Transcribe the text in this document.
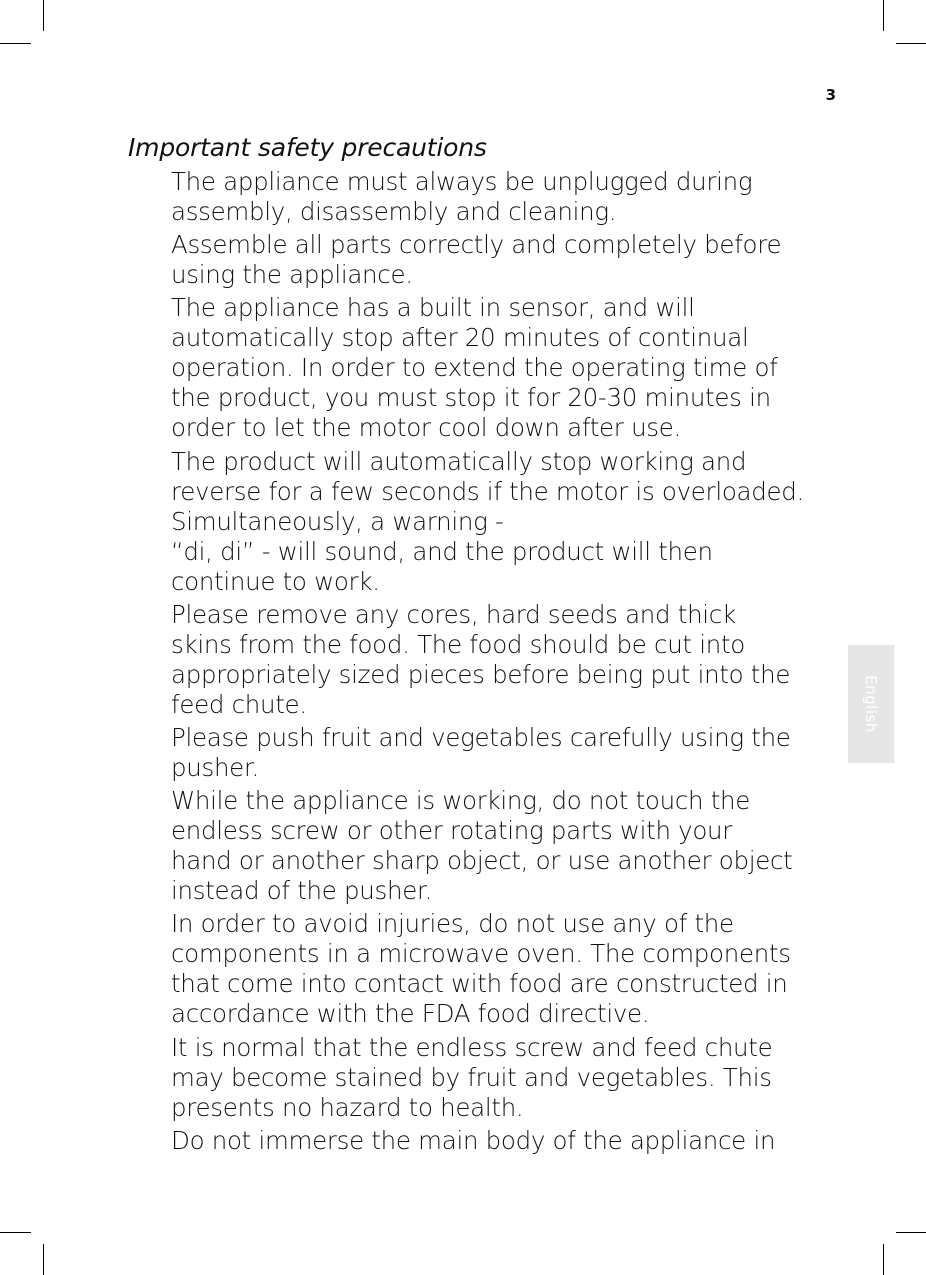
3
Important safety precautions

The appliance must always be unplugged during
assembly, disassembly and cleaning.

Assemble all parts correctly and completely before
using the appliance.

The appliance has a built in sensor, and will
automatically stop after 20 minutes of continual
operation. In order to extend the operating time of
the product, you must stop it for 20-30 minutes in
order to let the motor cool down after use.

The product will automatically stop working and
reverse for a few seconds if the motor is overloaded.
Simultaneously, a warning -
“di, di” - will sound, and the product will then
continue to work.

Please remove any cores, hard seeds and thick
skins from the food. The food should be cut into
appropriately sized pieces before being put into the
feed chute.

Please push fruit and vegetables carefully using the
pusher.

While the appliance is working, do not touch the
endless screw or other rotating parts with your
hand or another sharp object, or use another object
instead of the pusher.

In order to avoid injuries, do not use any of the
components in a microwave oven. The components
that come into contact with food are constructed in
accordance with the FDA food directive.

It is normal that the endless screw and feed chute
may become stained by fruit and vegetables. This
presents no hazard to health.

Do not immerse the main body of the appliance in

English
